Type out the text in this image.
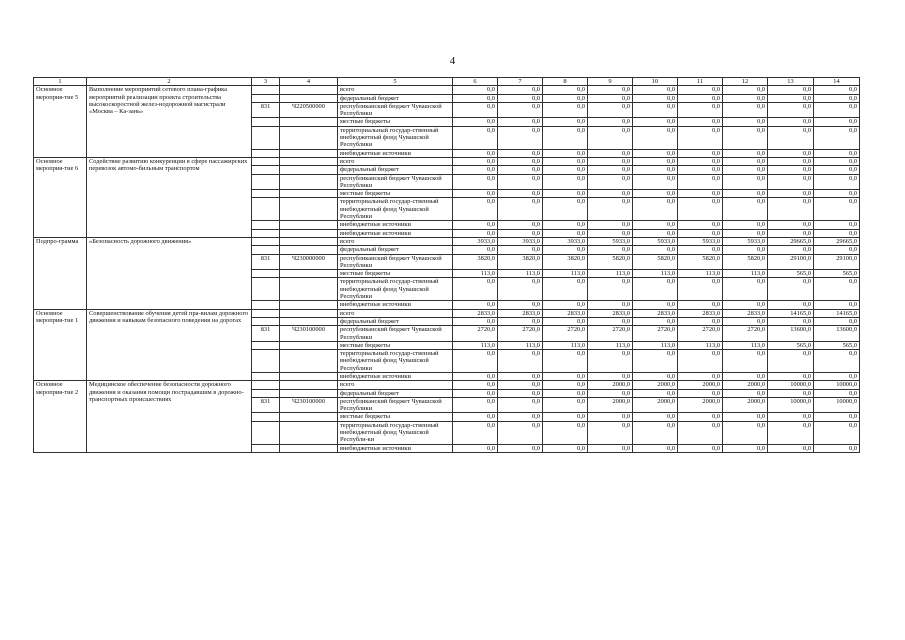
4
1	2	3	4	5	6	7	8	9	10	11	12	13	14
Основное мероприя-тие 5	Выполнение мероприятий сетевого плана-графика мероприятий реализации проекта строительства высокоскоростной желез-нодорожной магистрали «Москва – Ка-зань»			всего	0,0	0,0	0,0	0,0	0,0	0,0	0,0	0,0	0,0
				федеральный бюджет	0,0	0,0	0,0	0,0	0,0	0,0	0,0	0,0	0,0
		831	Ч220500000	республиканский бюджет Чувашской Республики	0,0	0,0	0,0	0,0	0,0	0,0	0,0	0,0	0,0
				местные бюджеты	0,0	0,0	0,0	0,0	0,0	0,0	0,0	0,0	0,0
				территориальный государ-ственный внебюджетный фонд Чувашской Республики	0,0	0,0	0,0	0,0	0,0	0,0	0,0	0,0	0,0
				внебюджетные источники	0,0	0,0	0,0	0,0	0,0	0,0	0,0	0,0	0,0
Основное мероприя-тие 6	Содействие развитию конкуренции в сфере пассажирских перевозок автомо-бильным транспортом			всего	0,0	0,0	0,0	0,0	0,0	0,0	0,0	0,0	0,0
				федеральный бюджет	0,0	0,0	0,0	0,0	0,0	0,0	0,0	0,0	0,0
				республиканский бюджет Чувашской Республики	0,0	0,0	0,0	0,0	0,0	0,0	0,0	0,0	0,0
				местные бюджеты	0,0	0,0	0,0	0,0	0,0	0,0	0,0	0,0	0,0
				территориальный государ-ственный внебюджетный фонд Чувашской Республики	0,0	0,0	0,0	0,0	0,0	0,0	0,0	0,0	0,0
				внебюджетные источники	0,0	0,0	0,0	0,0	0,0	0,0	0,0	0,0	0,0
				внебюджетные источники	0,0	0,0	0,0	0,0	0,0	0,0	0,0	0,0	0,0
Подпро-грамма	«Безопасность дорожного движения»			всего	3933,0	3933,0	3933,0	5933,0	5933,0	5933,0	5933,0	29665,0	29665,0
				федеральный бюджет	0,0	0,0	0,0	0,0	0,0	0,0	0,0	0,0	0,0
		831	Ч230000000	республиканский бюджет Чувашской Республики	3820,0	3820,0	3820,0	5820,0	5820,0	5820,0	5820,0	29100,0	29100,0
				местные бюджеты	113,0	113,0	113,0	113,0	113,0	113,0	113,0	565,0	565,0
				территориальный государ-ственный внебюджетный фонд Чувашской Республики	0,0	0,0	0,0	0,0	0,0	0,0	0,0	0,0	0,0
				внебюджетные источники	0,0	0,0	0,0	0,0	0,0	0,0	0,0	0,0	0,0
Основное мероприя-тие 1	Совершенствование обучения детей пра-вилам дорожного движения и навыкам безопасного поведения на дорогах			всего	2833,0	2833,0	2833,0	2833,0	2833,0	2833,0	2833,0	14165,0	14165,0
				федеральный бюджет	0,0	0,0	0,0	0,0	0,0	0,0	0,0	0,0	0,0
		831	Ч230100000	республиканский бюджет Чувашской Республики	2720,0	2720,0	2720,0	2720,0	2720,0	2720,0	2720,0	13600,0	13600,0
				местные бюджеты	113,0	113,0	113,0	113,0	113,0	113,0	113,0	565,0	565,0
				территориальный государ-ственный внебюджетный фонд Чувашской Республики	0,0	0,0	0,0	0,0	0,0	0,0	0,0	0,0	0,0
				внебюджетные источники	0,0	0,0	0,0	0,0	0,0	0,0	0,0	0,0	0,0
Основное мероприя-тие 2	Медицинское обеспечение безопасности дорожного движения и оказания помощи пострадавшим в дорожно-транспортных происшествиях			всего	0,0	0,0	0,0	2000,0	2000,0	2000,0	2000,0	10000,0	10000,0
				федеральный бюджет	0,0	0,0	0,0	0,0	0,0	0,0	0,0	0,0	0,0
		831	Ч230100000	республиканский бюджет Чувашской Республики	0,0	0,0	0,0	2000,0	2000,0	2000,0	2000,0	10000,0	10000,0
				местные бюджеты	0,0	0,0	0,0	0,0	0,0	0,0	0,0	0,0	0,0
				территориальный государ-ственный внебюджетный фонд Чувашской Республи-ки	0,0	0,0	0,0	0,0	0,0	0,0	0,0	0,0	0,0
				внебюджетные источники	0,0	0,0	0,0	0,0	0,0	0,0	0,0	0,0	0,0
